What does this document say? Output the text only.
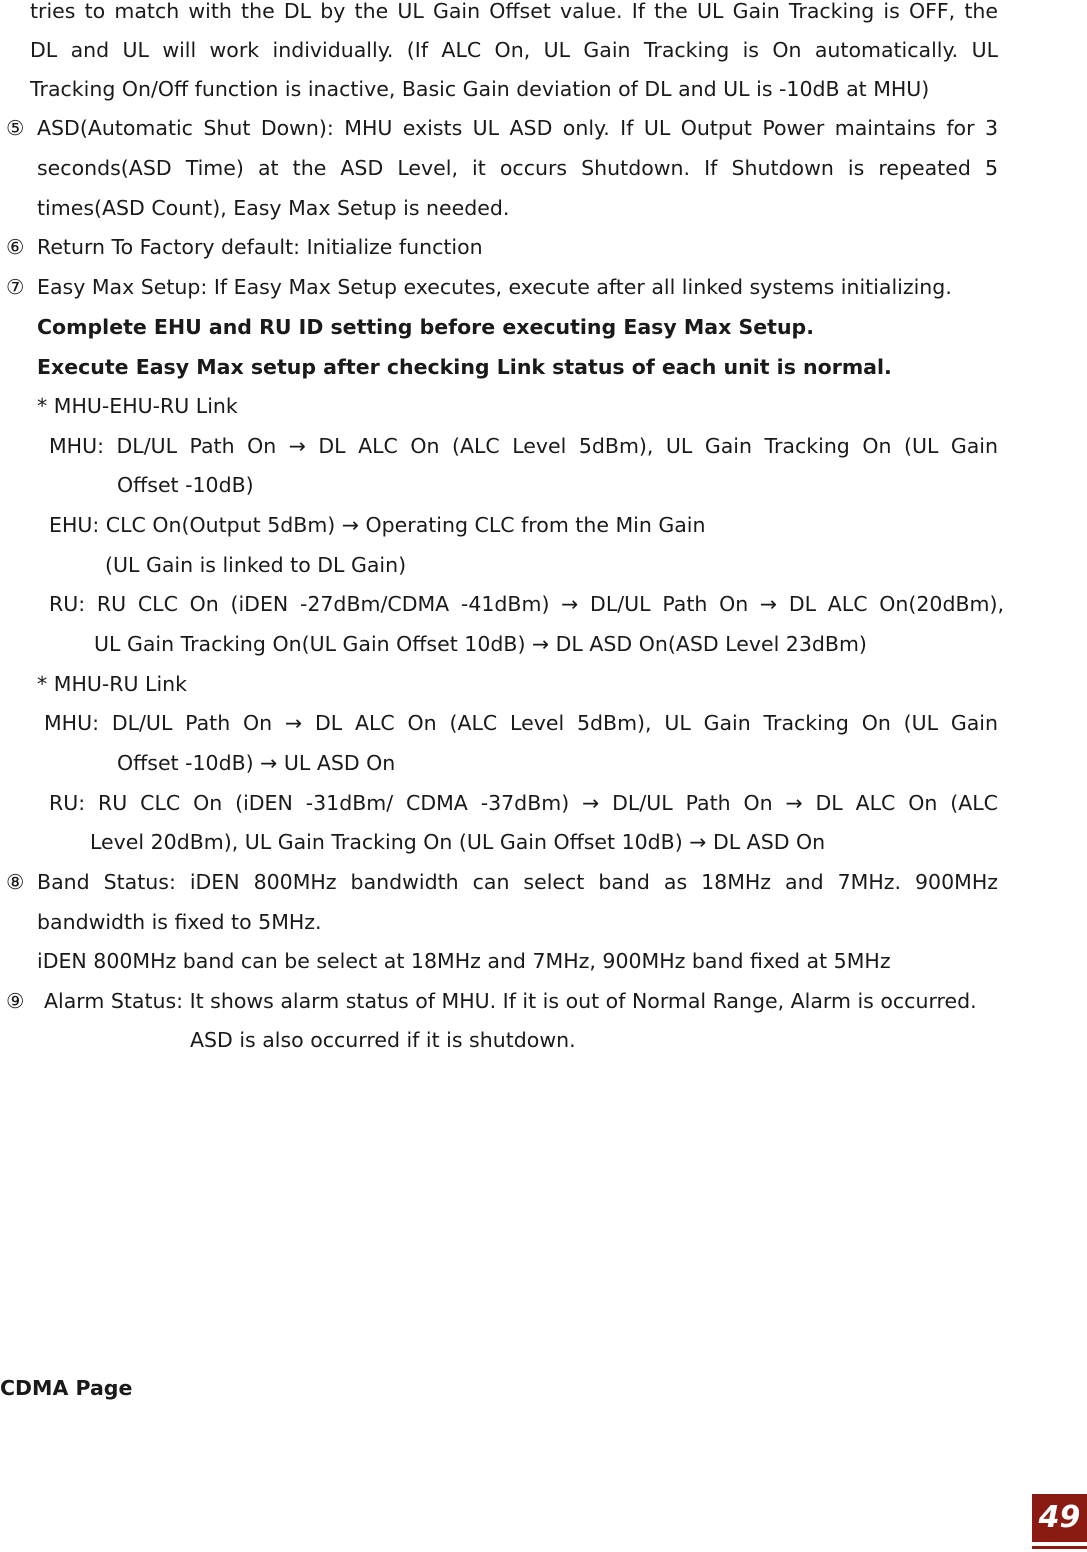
tries to match with the DL by the UL Gain Offset value. If the UL Gain Tracking is OFF, the
DL and UL will work individually. (If ALC On, UL Gain Tracking is On automatically. UL
Tracking On/Off function is inactive, Basic Gain deviation of DL and UL is -10dB at MHU)
⑤ ASD(Automatic Shut Down): MHU exists UL ASD only. If UL Output Power maintains for 3
seconds(ASD Time) at the ASD Level, it occurs Shutdown. If Shutdown is repeated 5
times(ASD Count), Easy Max Setup is needed.
⑥ Return To Factory default: Initialize function
⑦ Easy Max Setup: If Easy Max Setup executes, execute after all linked systems initializing.
Complete EHU and RU ID setting before executing Easy Max Setup.
Execute Easy Max setup after checking Link status of each unit is normal.
* MHU-EHU-RU Link
MHU: DL/UL Path On → DL ALC On (ALC Level 5dBm), UL Gain Tracking On (UL Gain
Offset -10dB)
EHU: CLC On(Output 5dBm) → Operating CLC from the Min Gain
(UL Gain is linked to DL Gain)
RU: RU CLC On (iDEN -27dBm/CDMA -41dBm) → DL/UL Path On → DL ALC On(20dBm),
UL Gain Tracking On(UL Gain Offset 10dB) → DL ASD On(ASD Level 23dBm)
* MHU-RU Link
MHU: DL/UL Path On → DL ALC On (ALC Level 5dBm), UL Gain Tracking On (UL Gain
Offset -10dB) → UL ASD On
RU: RU CLC On (iDEN -31dBm/ CDMA -37dBm) → DL/UL Path On → DL ALC On (ALC
Level 20dBm), UL Gain Tracking On (UL Gain Offset 10dB) → DL ASD On
⑧ Band Status: iDEN 800MHz bandwidth can select band as 18MHz and 7MHz. 900MHz
bandwidth is fixed to 5MHz.
iDEN 800MHz band can be select at 18MHz and 7MHz, 900MHz band fixed at 5MHz
⑨ Alarm Status: It shows alarm status of MHU. If it is out of Normal Range, Alarm is occurred.
ASD is also occurred if it is shutdown.
CDMA Page
49
